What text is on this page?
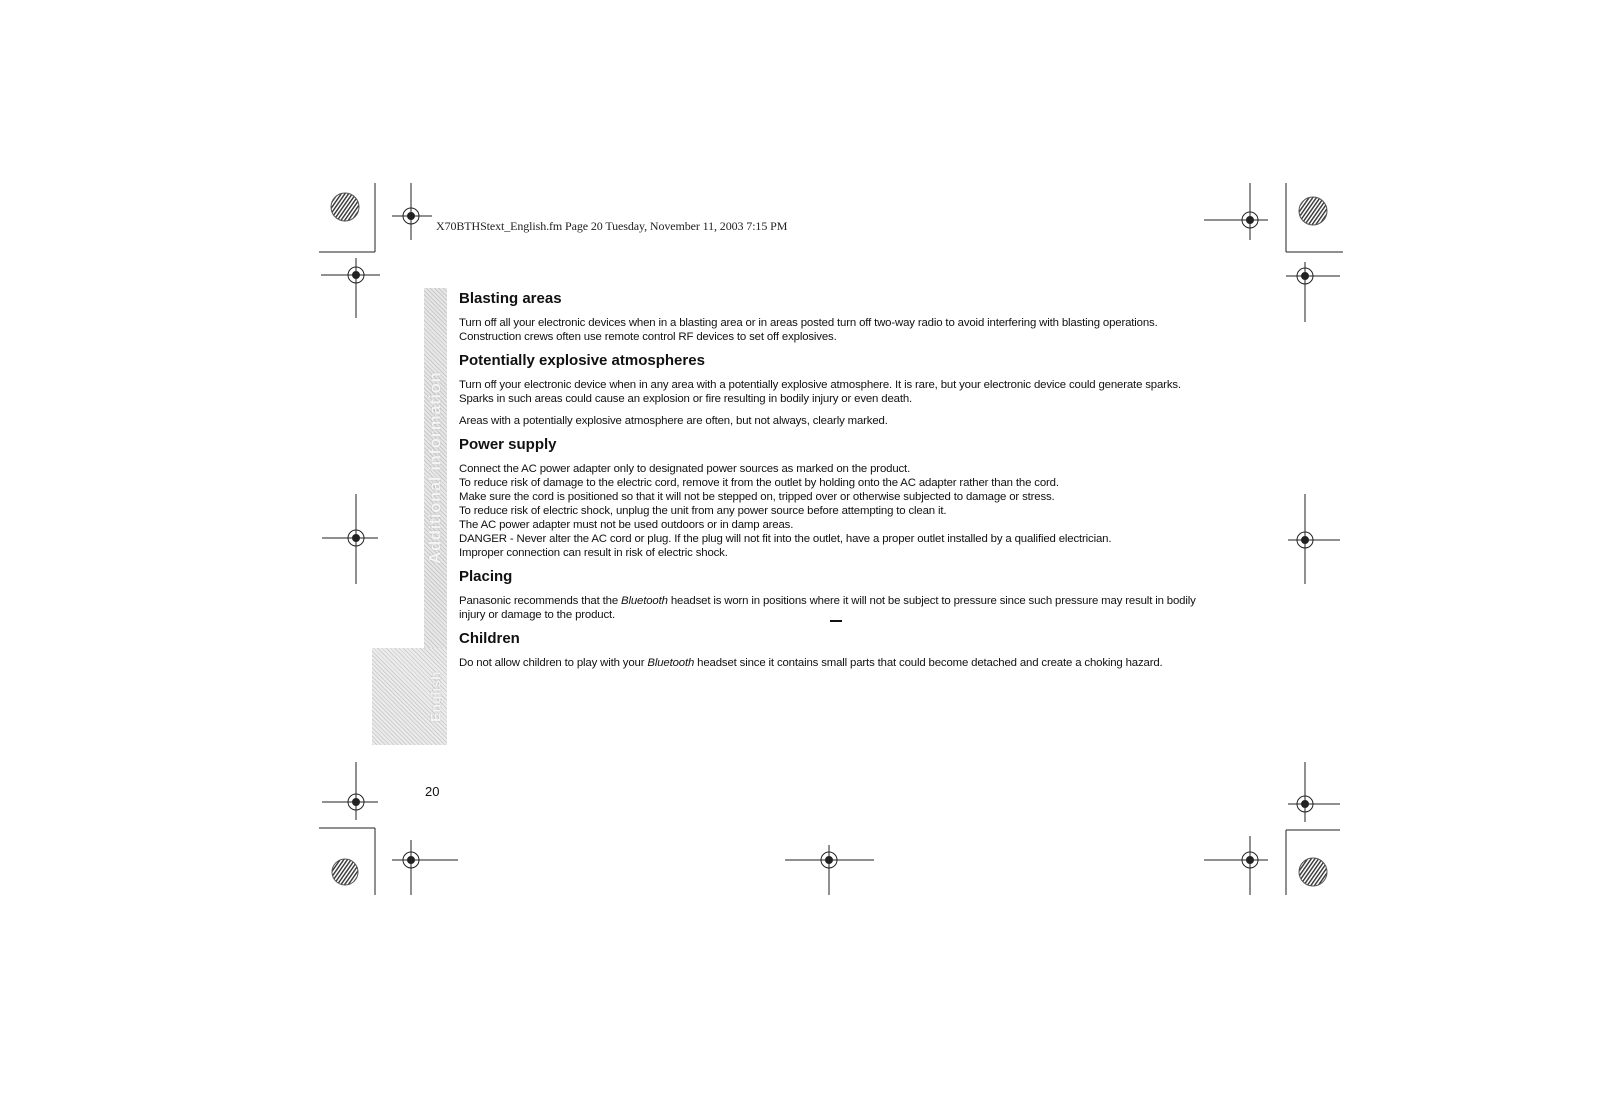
X70BTHStext_English.fm Page 20 Tuesday, November 11, 2003 7:15 PM
Additional information
English
Blasting areas

Turn off all your electronic devices when in a blasting area or in areas posted turn off two-way radio to avoid interfering with blasting operations. Construction crews often use remote control RF devices to set off explosives.

Potentially explosive atmospheres

Turn off your electronic device when in any area with a potentially explosive atmosphere. It is rare, but your electronic device could generate sparks. Sparks in such areas could cause an explosion or fire resulting in bodily injury or even death.

Areas with a potentially explosive atmosphere are often, but not always, clearly marked.

Power supply

Connect the AC power adapter only to designated power sources as marked on the product.

To reduce risk of damage to the electric cord, remove it from the outlet by holding onto the AC adapter rather than the cord.

Make sure the cord is positioned so that it will not be stepped on, tripped over or otherwise subjected to damage or stress.

To reduce risk of electric shock, unplug the unit from any power source before attempting to clean it.

The AC power adapter must not be used outdoors or in damp areas.

DANGER - Never alter the AC cord or plug. If the plug will not fit into the outlet, have a proper outlet installed by a qualified electrician.

Improper connection can result in risk of electric shock.

Placing

Panasonic recommends that the Bluetooth headset is worn in positions where it will not be subject to pressure since such pressure may result in bodily injury or damage to the product.

Children

Do not allow children to play with your Bluetooth headset since it contains small parts that could become detached and create a choking hazard.

20
